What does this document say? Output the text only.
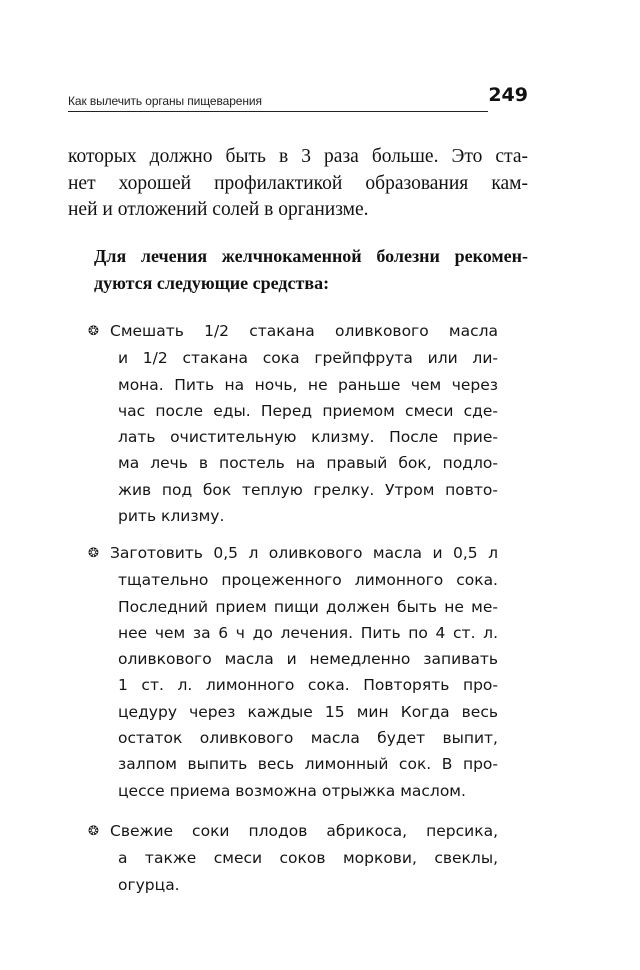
Как вылечить органы пищеварения	249
которых должно быть в 3 раза больше. Это ста-
нет хорошей профилактикой образования кам-
ней и отложений солей в организме.
Для лечения желчнокаменной болезни рекомен-
дуются следующие средства:
❂ Смешать 1/2 стакана оливкового масла
и 1/2 стакана сока грейпфрута или ли-
мона. Пить на ночь, не раньше чем через
час после еды. Перед приемом смеси сде-
лать очистительную клизму. После прие-
ма лечь в постель на правый бок, подло-
жив под бок теплую грелку. Утром повто-
рить клизму.
❂ Заготовить 0,5 л оливкового масла и 0,5 л
тщательно процеженного лимонного сока.
Последний прием пищи должен быть не ме-
нее чем за 6 ч до лечения. Пить по 4 ст. л.
оливкового масла и немедленно запивать
1 ст. л. лимонного сока. Повторять про-
цедуру через каждые 15 мин Когда весь
остаток оливкового масла будет выпит,
залпом выпить весь лимонный сок. В про-
цессе приема возможна отрыжка маслом.
❂ Свежие соки плодов абрикоса, персика,
а также смеси соков моркови, свеклы,
огурца.
